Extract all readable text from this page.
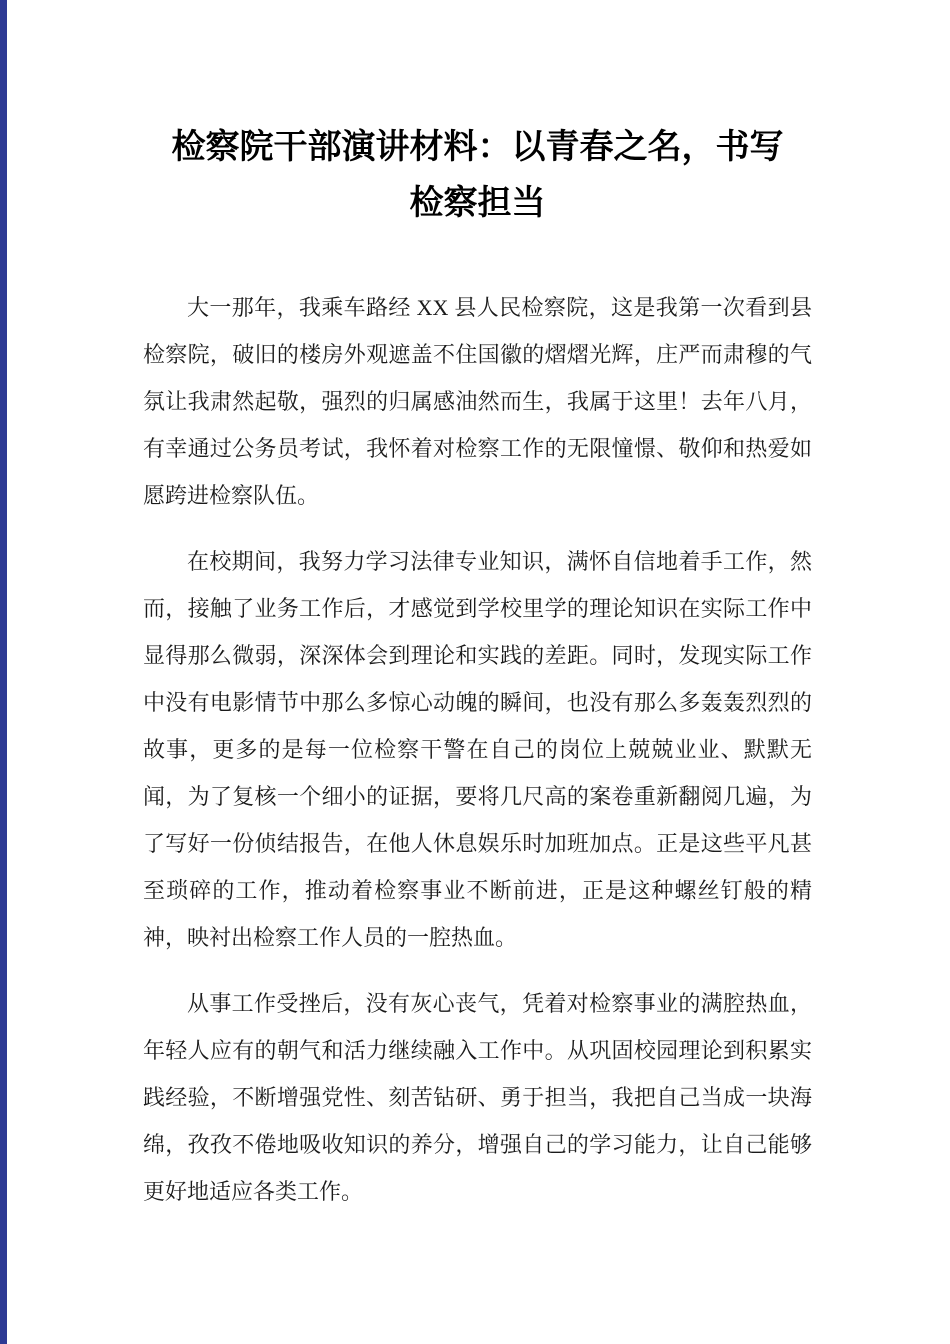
检察院干部演讲材料：以青春之名，书写检察担当

大一那年，我乘车路经 XX 县人民检察院，这是我第一次看到县检察院，破旧的楼房外观遮盖不住国徽的熠熠光辉，庄严而肃穆的气氛让我肃然起敬，强烈的归属感油然而生，我属于这里！去年八月，有幸通过公务员考试，我怀着对检察工作的无限憧憬、敬仰和热爱如愿跨进检察队伍。

在校期间，我努力学习法律专业知识，满怀自信地着手工作，然而，接触了业务工作后，才感觉到学校里学的理论知识在实际工作中显得那么微弱，深深体会到理论和实践的差距。同时，发现实际工作中没有电影情节中那么多惊心动魄的瞬间，也没有那么多轰轰烈烈的故事，更多的是每一位检察干警在自己的岗位上兢兢业业、默默无闻，为了复核一个细小的证据，要将几尺高的案卷重新翻阅几遍，为了写好一份侦结报告，在他人休息娱乐时加班加点。正是这些平凡甚至琐碎的工作，推动着检察事业不断前进，正是这种螺丝钉般的精神，映衬出检察工作人员的一腔热血。

从事工作受挫后，没有灰心丧气，凭着对检察事业的满腔热血，年轻人应有的朝气和活力继续融入工作中。从巩固校园理论到积累实践经验，不断增强党性、刻苦钻研、勇于担当，我把自己当成一块海绵，孜孜不倦地吸收知识的养分，增强自己的学习能力，让自己能够更好地适应各类工作。
